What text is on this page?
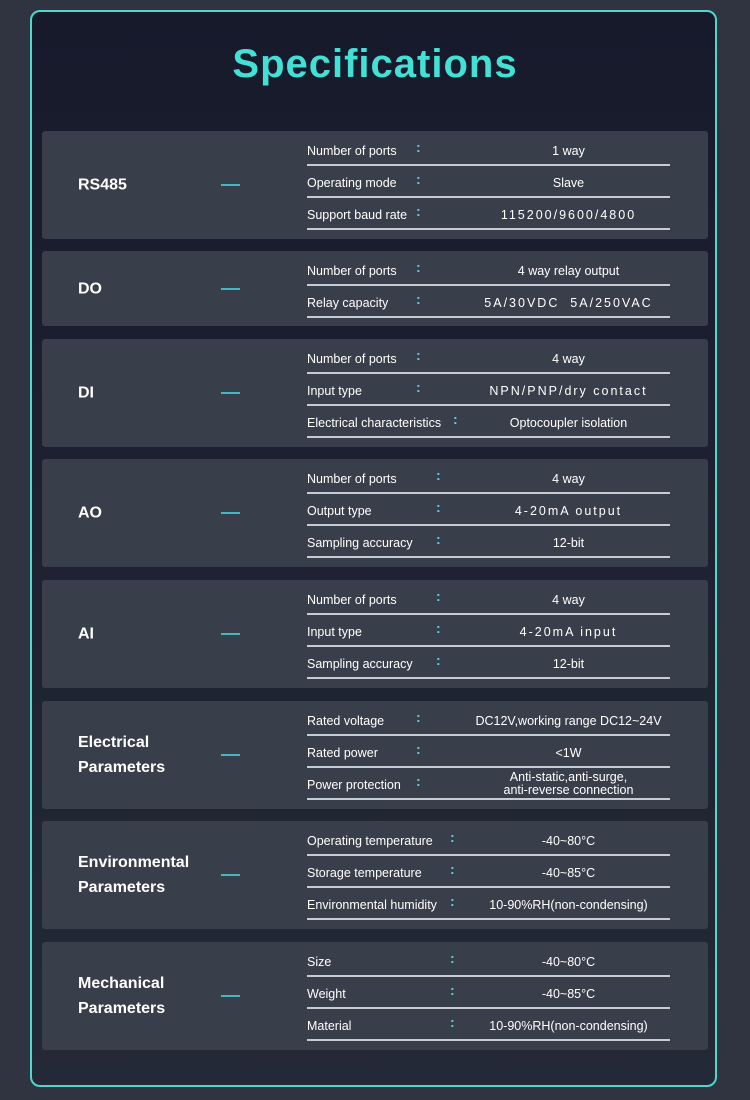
Specifications
RS485
Number of ports :	1 way
Operating mode :	Slave
Support baud rate :	115200/9600/4800
DO
Number of ports :	4 way relay output
Relay capacity :	5A/30VDC  5A/250VAC
DI
Number of ports :	4 way
Input type	:	NPN/PNP/dry contact
Electrical characteristics :	Optocoupler isolation
AO
Number of ports	:	4 way
Output type	:	4-20mA output
Sampling accuracy :	12-bit
AI
Number of ports	:	4 way
Input type	:	4-20mA input
Sampling accuracy :	12-bit
Electrical Parameters
Rated voltage :	DC12V,working range DC12~24V
Rated power	:	<1W
Power protection :	Anti-static,anti-surge,
anti-reverse connection
Environmental Parameters
Operating temperature :	-40~80°C
Storage temperature :	-40~85°C
Environmental humidity :	10-90%RH(non-condensing)
Mechanical Parameters
Size	:	-40~80°C
Weight	:	-40~85°C
Material	:	10-90%RH(non-condensing)
